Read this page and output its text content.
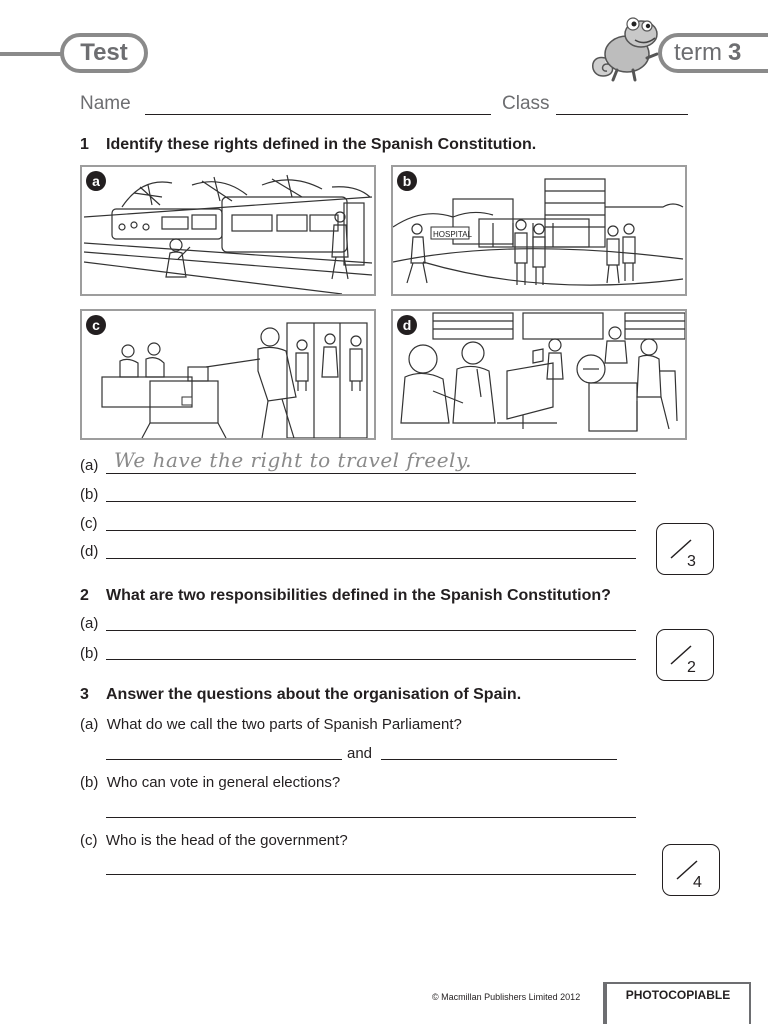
Test	term 3
Name	Class
1 Identify these rights defined in the Spanish Constitution.
a
HOSPITAL
b
c	d
(a) We have the right to travel freely.
(b)
(c)
(d)
3
2 What are two responsibilities defined in the Spanish Constitution?
(a)
(b)
2
3 Answer the questions about the organisation of Spain.
(a) What do we call the two parts of Spanish Parliament?
and
(b) Who can vote in general elections?
(c) Who is the head of the government?
4
© Macmillan Publishers Limited 2012	PHOTOCOPIABLE
